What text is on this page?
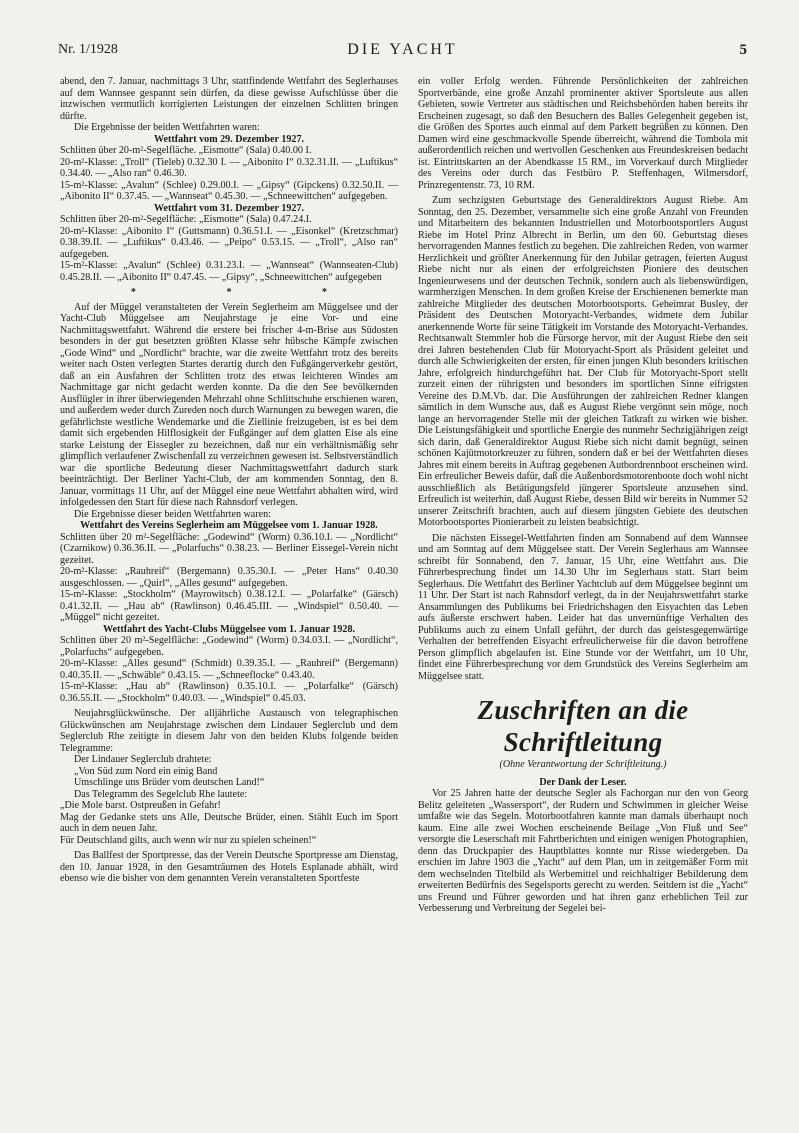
Nr. 1/1928	DIE YACHT	5

abend, den 7. Januar, nachmittags 3 Uhr, stattfindende Wettfahrt des Seglerhauses auf dem Wannsee gespannt sein dürfen, da diese gewisse Aufschlüsse über die inzwischen vermutlich korrigierten Leistungen der einzelnen Schlitten bringen dürfte.

Die Ergebnisse der beiden Wettfahrten waren:

Wettfahrt vom 29. Dezember 1927.

Schlitten über 20-m²-Segelfläche. „Eismotte“ (Sala) 0.40.00 I.

20-m²-Klasse: „Troll“ (Tieleb) 0.32.30 I. — „Aibonito I“ 0.32.31.II. — „Luftikus“ 0.34.40. — „Also ran“ 0.46.30.

15-m²-Klasse: „Avalun“ (Schlee) 0.29.00.I. — „Gipsy“ (Gipckens) 0.32.50.II. — „Aibonito II“ 0.37.45. — „Wannseat“ 0.45.30. — „Schneewittchen“ aufgegeben.

Wettfahrt vom 31. Dezember 1927.

Schlitten über 20-m²-Segelfläche: „Eismotte“ (Sala) 0.47.24.I.

20-m²-Klasse: „Aibonito I“ (Guttsmann) 0.36.51.I. — „Eisonkel“ (Kretzschmar) 0.38.39.II. — „Luftikus“ 0.43.46. — „Peipo“ 0.53.15. — „Troll“, „Also ran“ aufgegeben.

15-m²-Klasse: „Avalun“ (Schlee) 0.31.23.I. — „Wannseat“ (Wannseaten-Club) 0.45.28.II. — „Aibonito II“ 0.47.45. — „Gipsy“, „Schneewittchen“ aufgegeben

* * *

Auf der Müggel veranstalteten der Verein Seglerheim am Müggelsee und der Yacht-Club Müggelsee am Neujahrstage je eine Vor- und eine Nachmittagswettfahrt. Während die erstere bei frischer 4-m-Brise aus Südosten besonders in der gut besetzten größten Klasse sehr hübsche Kämpfe zwischen „Gode Wind“ und „Nordlicht“ brachte, war die zweite Wettfahrt trotz des bereits weiter nach Osten verlegten Startes derartig durch den Fußgängerverkehr gestört, daß an ein Ausfahren der Schlitten trotz des etwas leichteren Windes am Nachmittage gar nicht gedacht werden konnte. Da die den See bevölkernden Ausflügler in ihrer überwiegenden Mehrzahl ohne Schlittschuhe erschienen waren, und außerdem weder durch Zureden noch durch Warnungen zu bewegen waren, die gefährlichste westliche Wendemarke und die Ziellinie freizugeben, ist es bei dem damit sich ergebenden Hilflosigkeit der Fußgänger auf dem glatten Eise als eine starke Leistung der Eissegler zu bezeichnen, daß nur ein verhältnismäßig sehr glimpflich verlaufener Zwischenfall zu verzeichnen gewesen ist. Selbstverständlich war die sportliche Bedeutung dieser Nachmittagswettfahrt dadurch stark beeinträchtigt. Der Berliner Yacht-Club, der am kommenden Sonntag, den 8. Januar, vormittags 11 Uhr, auf der Müggel eine neue Wettfahrt abhalten wird, wird infolgedessen den Start für diese nach Rahnsdorf verlegen.

Die Ergebnisse dieser beiden Wettfahrten waren:

Wettfahrt des Vereins Seglerheim am Müggelsee vom 1. Januar 1928.

Schlitten über 20 m²-Segelfläche: „Godewind“ (Worm) 0.36.10.I. — „Nordlicht“ (Czarnikow) 0.36.36.II. — „Polarfuchs“ 0.38.23. — Berliner Eissegel-Verein nicht gezeitet.

20-m²-Klasse: „Rauhreif“ (Bergemann) 0.35.30.I. — „Peter Hans“ 0.40.30 ausgeschlossen. — „Quirl“, „Alles gesund“ aufgegeben.

15-m²-Klasse: „Stockholm“ (Mayrowitsch) 0.38.12.I. — „Polarfalke“ (Gärsch) 0.41.32.II. — „Hau ab“ (Rawlinson) 0.46.45.III. — „Windspiel“ 0.50.40. — „Müggel“ nicht gezeitet.

Wettfahrt des Yacht-Clubs Müggelsee vom 1. Januar 1928.

Schlitten über 20 m²-Segelfläche: „Godewind“ (Worm) 0.34.03.I. — „Nordlicht“, „Polarfuchs“ aufgegeben.

20-m²-Klasse: „Alles gesund“ (Schmidt) 0.39.35.I. — „Rauhreif“ (Bergemann) 0.40.35.II. — „Schwäble“ 0.43.15. — „Schneeflocke“ 0.43.40.

15-m²-Klasse: „Hau ab“ (Rawlinson) 0.35.10.I. — „Polarfalke“ (Gärsch) 0.36.55.II. — „Stockholm“ 0.40.03. — „Windspiel“ 0.45.03.

Neujahrsglückwünsche. Der alljährliche Austausch von telegraphischen Glückwünschen am Neujahrstage zwischen dem Lindauer Seglerclub und dem Seglerclub Rhe zeitigte in diesem Jahr von den beiden Klubs folgende beiden Telegramme:

Der Lindauer Seglerclub drahtete:

„Von Süd zum Nord ein einig Band

Umschlinge uns Brüder vom deutschen Land!“

Das Telegramm des Segelclub Rhe lautete:

„Die Mole barst. Ostpreußen in Gefahr!

Mag der Gedanke stets uns Alle, Deutsche Brüder, einen. Stählt Euch im Sport auch in dem neuen Jahr.

Für Deutschland gilts, auch wenn wir nur zu spielen scheinen!“

Das Ballfest der Sportpresse, das der Verein Deutsche Sportpresse am Dienstag, den 10. Januar 1928, in den Gesamträumen des Hotels Esplanade abhält, wird ebenso wie die bisher von dem genannten Verein veranstalteten Sportfeste

ein voller Erfolg werden. Führende Persönlichkeiten der zahlreichen Sportverbände, eine große Anzahl prominenter aktiver Sportsleute aus allen Gebieten, sowie Vertreter aus städtischen und Reichsbehörden haben bereits ihr Erscheinen zugesagt, so daß den Besuchern des Balles Gelegenheit gegeben ist, die Größen des Sportes auch einmal auf dem Parkett begrüßen zu können. Den Damen wird eine geschmackvolle Spende überreicht, während die Tombola mit außerordentlich reichen und wertvollen Geschenken aus Freundeskreisen bedacht ist. Eintrittskarten an der Abendkasse 15 RM., im Vorverkauf durch Mitglieder des Vereins oder durch das Festbüro P. Steffenhagen, Wilmersdorf, Prinzregentenstr. 73, 10 RM.

Zum sechzigsten Geburtstage des Generaldirektors August Riebe. Am Sonntag, den 25. Dezember, versammelte sich eine große Anzahl von Freunden und Mitarbeitern des bekannten Industriellen und Motorbootsportlers August Riebe im Hotel Prinz Albrecht in Berlin, um den 60. Geburtstag dieses hervorragenden Mannes festlich zu begehen. Die zahlreichen Reden, von warmer Herzlichkeit und größter Anerkennung für den Jubilar getragen, feierten August Riebe nicht nur als einen der erfolgreichsten Pioniere des deutschen Ingenieurwesens und der deutschen Technik, sondern auch als liebenswürdigen, warmherzigen Menschen. In dem großen Kreise der Erschienenen bemerkte man zahlreiche Mitglieder des deutschen Motorbootsports. Geheimrat Busley, der Präsident des Deutschen Motoryacht-Verbandes, widmete dem Jubilar anerkennende Worte für seine Tätigkeit im Vorstande des Motoryacht-Verbandes. Rechtsanwalt Stemmler hob die Fürsorge hervor, mit der August Riebe den seit drei Jahren bestehenden Club für Motoryacht-Sport als Präsident geleitet und durch alle Schwierigkeiten der ersten, für einen jungen Klub besonders kritischen Jahre, erfolgreich hindurchgeführt hat. Der Club für Motoryacht-Sport stellt zurzeit einen der rührigsten und besonders im sportlichen Sinne eifrigsten Vereine des D.M.Vb. dar. Die Ausführungen der zahlreichen Redner klangen sämtlich in dem Wunsche aus, daß es August Riebe vergönnt sein möge, noch lange an hervorragender Stelle mit der gleichen Tatkraft zu wirken wie bisher. Die Leistungsfähigkeit und sportliche Energie des nunmehr Sechzigjährigen zeigt sich darin, daß Generaldirektor August Riebe sich nicht damit begnügt, seinen schönen Kajütmotorkreuzer zu führen, sondern daß er bei der Wettfahrten dieses Jahres mit einem bereits in Auftrag gegebenen Autbordrennboot erscheinen wird. Ein erfreulicher Beweis dafür, daß die Außenbordsmotorenboote doch wohl nicht ausschließlich als Betätigungsfeld jüngerer Sportsleute anzusehen sind. Erfreulich ist weiterhin, daß August Riebe, dessen Bild wir bereits in Nummer 52 unserer Zeitschrift brachten, auch auf diesem jüngsten Gebiete des deutschen Motorbootsportes Pionierarbeit zu leisten beabsichtigt.

Die nächsten Eissegel-Wettfahrten finden am Sonnabend auf dem Wannsee und am Sonntag auf dem Müggelsee statt. Der Verein Seglerhaus am Wannsee schreibt für Sonnabend, den 7. Januar, 15 Uhr, eine Wettfahrt aus. Die Führerbesprechung findet um 14.30 Uhr im Seglerhaus statt. Start beim Seglerhaus. Die Wettfahrt des Berliner Yachtclub auf dem Müggelsee beginnt um 11 Uhr. Der Start ist nach Rahnsdorf verlegt, da in der Neujahrswettfahrt starke Ansammlungen des Publikums bei Friedrichshagen den Eisyachten das Leben aufs äußerste erschwert haben. Leider hat das unvernünftige Verhalten des Publikums auch zu einem Unfall geführt, der durch das geistesgegenwärtige Verhalten der betreffenden Eisyacht erfreulicherweise für die davon betroffene Person glimpflich abgelaufen ist. Eine Stunde vor der Wettfahrt, um 10 Uhr, findet eine Führerbesprechung vor dem Grundstück des Vereins Seglerheim am Müggelsee statt.

Zuschriften an die Schriftleitung

(Ohne Verantwortung der Schriftleitung.)

Der Dank der Leser.

Vor 25 Jahren hatte der deutsche Segler als Fachorgan nur den von Georg Belitz geleiteten „Wassersport“, der Rudern und Schwimmen in gleicher Weise umfaßte wie das Segeln. Motorbootfahren kannte man damals überhaupt noch kaum. Eine alle zwei Wochen erscheinende Beilage „Von Fluß und See“ versorgte die Leserschaft mit Fahrtberichten und einigen wenigen Photographien, denn das Druckpapier des Hauptblattes konnte nur Risse wiedergeben. Da erschien im Jahre 1903 die „Yacht“ auf dem Plan, um in zeitgemäßer Form mit dem wechselnden Titelbild als Werbemittel und reichhaltiger Bebilderung dem erweiterten Bedürfnis des Segelsports gerecht zu werden. Seitdem ist die „Yacht“ uns Freund und Führer geworden und hat ihren ganz erheblichen Teil zur Verbesserung und Verbreitung der Segelei bei-
